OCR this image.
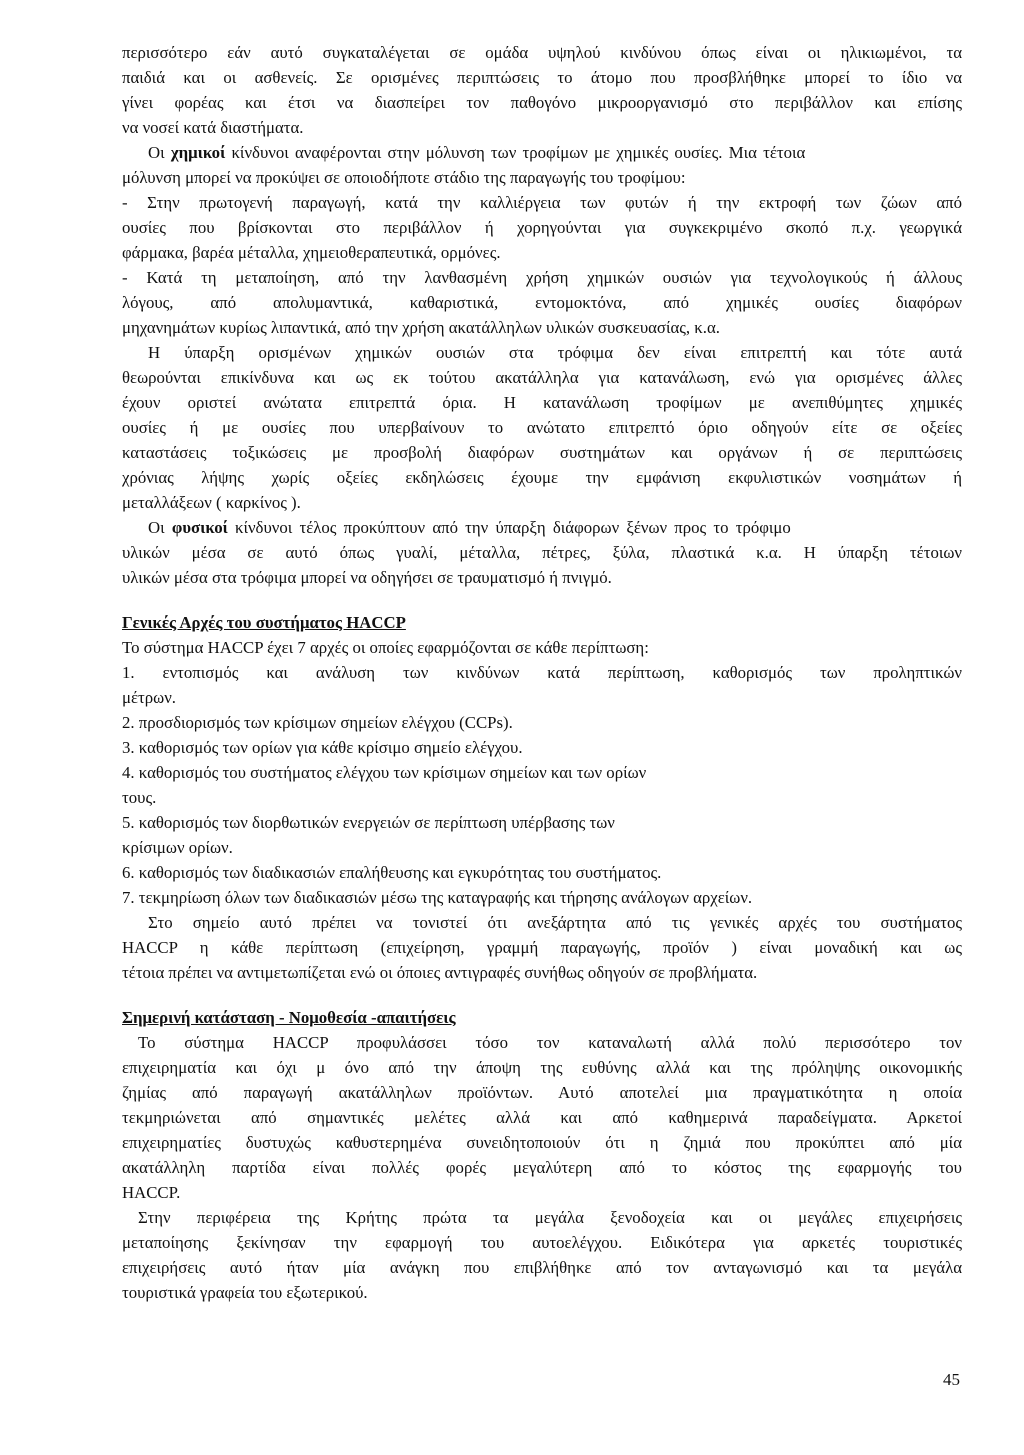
περισσότερο εάν αυτό συγκαταλέγεται σε ομάδα υψηλού κινδύνου όπως είναι οι ηλικιωμένοι, τα
παιδιά και οι ασθενείς. Σε ορισμένες περιπτώσεις το άτομο που προσβλήθηκε μπορεί το ίδιο να
γίνει φορέας και έτσι να διασπείρει τον παθογόνο μικροοργανισμό στο περιβάλλον και επίσης
να νοσεί κατά διαστήματα.
Οι χημικοί κίνδυνοι αναφέρονται στην μόλυνση των τροφίμων με χημικές ουσίες. Μια τέτοια
μόλυνση μπορεί να προκύψει σε οποιοδήποτε στάδιο της παραγωγής του τροφίμου:
- Στην πρωτογενή παραγωγή, κατά την καλλιέργεια των φυτών ή την εκτροφή των ζώων από
ουσίες που βρίσκονται στο περιβάλλον ή χορηγούνται για συγκεκριμένο σκοπό π.χ. γεωργικά
φάρμακα, βαρέα μέταλλα, χημειοθεραπευτικά, ορμόνες.
- Κατά τη μεταποίηση, από την λανθασμένη χρήση χημικών ουσιών για τεχνολογικούς ή άλλους
λόγους, από απολυμαντικά, καθαριστικά, εντομοκτόνα, από χημικές ουσίες διαφόρων
μηχανημάτων κυρίως λιπαντικά, από την χρήση ακατάλληλων υλικών συσκευασίας, κ.α.
Η ύπαρξη ορισμένων χημικών ουσιών στα τρόφιμα δεν είναι επιτρεπτή και τότε αυτά
θεωρούνται επικίνδυνα και ως εκ τούτου ακατάλληλα για κατανάλωση, ενώ για ορισμένες άλλες
έχουν οριστεί ανώτατα επιτρεπτά όρια. Η κατανάλωση τροφίμων με ανεπιθύμητες χημικές
ουσίες ή με ουσίες που υπερβαίνουν το ανώτατο επιτρεπτό όριο οδηγούν είτε σε οξείες
καταστάσεις τοξικώσεις με προσβολή διαφόρων συστημάτων και οργάνων ή σε περιπτώσεις
χρόνιας λήψης χωρίς οξείες εκδηλώσεις έχουμε την εμφάνιση εκφυλιστικών νοσημάτων ή
μεταλλάξεων ( καρκίνος ).
Οι φυσικοί κίνδυνοι τέλος προκύπτουν από την ύπαρξη διάφορων ξένων προς το τρόφιμο
υλικών μέσα σε αυτό όπως γυαλί, μέταλλα, πέτρες, ξύλα, πλαστικά κ.α. Η ύπαρξη τέτοιων
υλικών μέσα στα τρόφιμα μπορεί να οδηγήσει σε τραυματισμό ή πνιγμό.
Γενικές Αρχές του συστήματος HACCP
Το σύστημα HACCP έχει 7 αρχές οι οποίες εφαρμόζονται σε κάθε περίπτωση:
1. εντοπισμός και ανάλυση των κινδύνων κατά περίπτωση, καθορισμός των προληπτικών
μέτρων.
2. προσδιορισμός των κρίσιμων σημείων ελέγχου (CCPs).
3. καθορισμός των ορίων για κάθε κρίσιμο σημείο ελέγχου.
4. καθορισμός του συστήματος ελέγχου των κρίσιμων σημείων και των ορίων
τους.
5. καθορισμός των διορθωτικών ενεργειών σε περίπτωση υπέρβασης των
κρίσιμων ορίων.
6. καθορισμός των διαδικασιών επαλήθευσης και εγκυρότητας του συστήματος.
7. τεκμηρίωση όλων των διαδικασιών μέσω της καταγραφής και τήρησης ανάλογων αρχείων.
Στο σημείο αυτό πρέπει να τονιστεί ότι ανεξάρτητα από τις γενικές αρχές του συστήματος
HACCP η κάθε περίπτωση (επιχείρηση, γραμμή παραγωγής, προϊόν ) είναι μοναδική και ως
τέτοια πρέπει να αντιμετωπίζεται ενώ οι όποιες αντιγραφές συνήθως οδηγούν σε προβλήματα.
Σημερινή κατάσταση - Νομοθεσία -απαιτήσεις
Το σύστημα HACCP προφυλάσσει τόσο τον καταναλωτή αλλά πολύ περισσότερο τον
επιχειρηματία και όχι μ όνο από την άποψη της ευθύνης αλλά και της πρόληψης οικονομικής
ζημίας από παραγωγή ακατάλληλων προϊόντων. Αυτό αποτελεί μια πραγματικότητα η οποία
τεκμηριώνεται από σημαντικές μελέτες αλλά και από καθημερινά παραδείγματα. Αρκετοί
επιχειρηματίες δυστυχώς καθυστερημένα συνειδητοποιούν ότι η ζημιά που προκύπτει από μία
ακατάλληλη παρτίδα είναι πολλές φορές μεγαλύτερη από το κόστος της εφαρμογής του
HACCP.
Στην περιφέρεια της Κρήτης πρώτα τα μεγάλα ξενοδοχεία και οι μεγάλες επιχειρήσεις
μεταποίησης ξεκίνησαν την εφαρμογή του αυτοελέγχου. Ειδικότερα για αρκετές τουριστικές
επιχειρήσεις αυτό ήταν μία ανάγκη που επιβλήθηκε από τον ανταγωνισμό και τα μεγάλα
τουριστικά γραφεία του εξωτερικού.
45
